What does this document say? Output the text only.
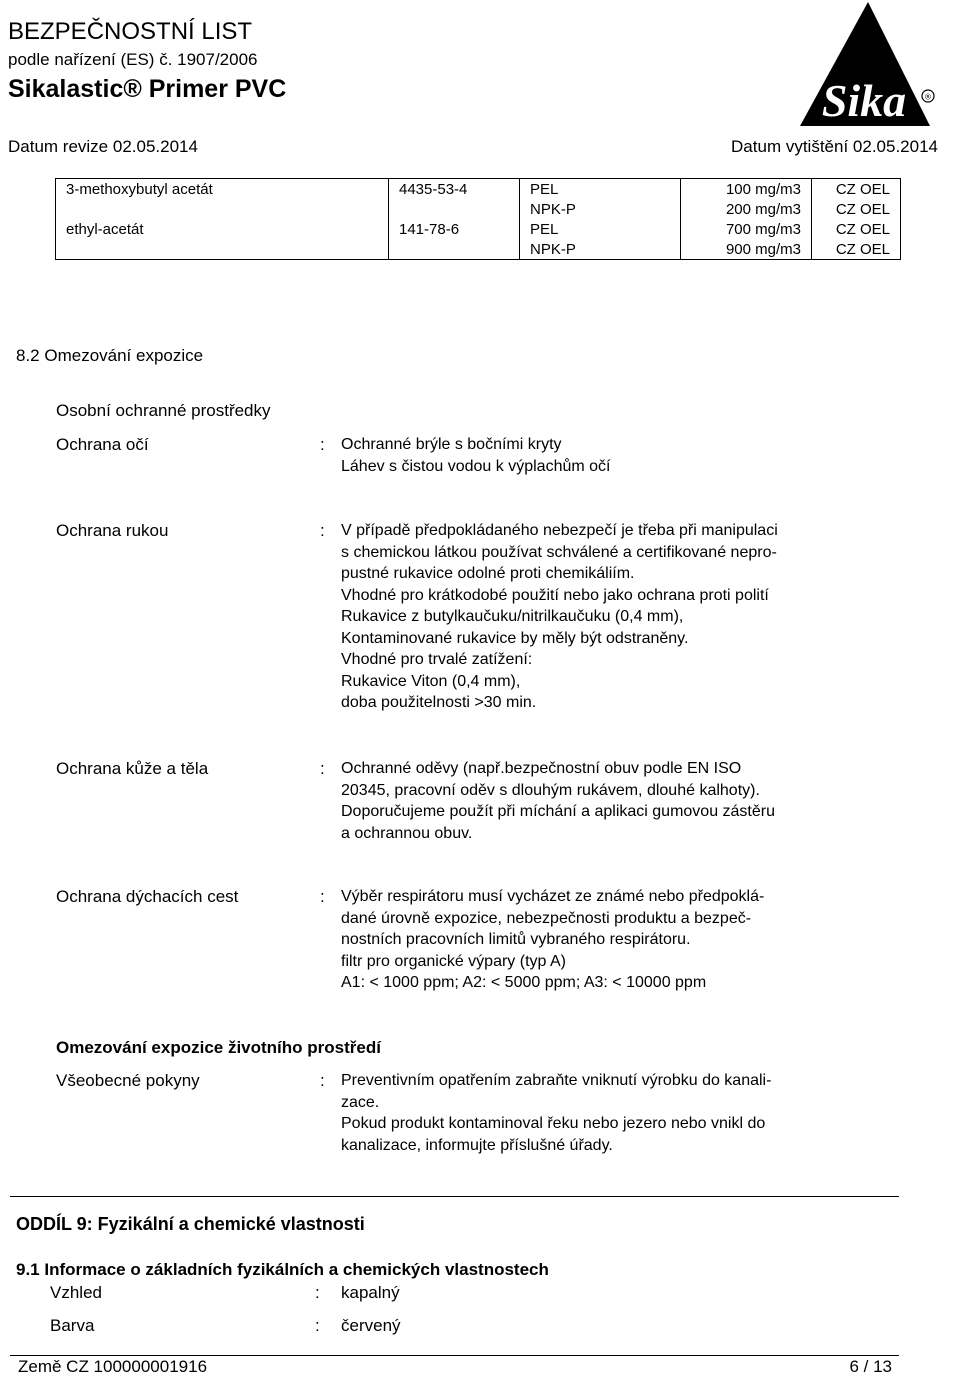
BEZPEČNOSTNÍ LIST
podle nařízení (ES) č. 1907/2006
Sikalastic® Primer PVC	Sika ®
Datum revize 02.05.2014	Datum vytištění 02.05.2014
3-methoxybutyl acetát	4435-53-4	PEL	100 mg/m3	CZ OEL
		NPK-P	200 mg/m3	CZ OEL
ethyl-acetát	141-78-6	PEL	700 mg/m3	CZ OEL
		NPK-P	900 mg/m3	CZ OEL
8.2 Omezování expozice
Osobní ochranné prostředky
Ochrana očí	: Ochranné brýle s bočními kryty
Láhev s čistou vodou k výplachům očí
Ochrana rukou	: V případě předpokládaného nebezpečí je třeba při manipulaci
s chemickou látkou používat schválené a certifikované nepro-
pustné rukavice odolné proti chemikáliím.
Vhodné pro krátkodobé použití nebo jako ochrana proti polití
Rukavice z butylkaučuku/nitrilkaučuku (0,4 mm),
Kontaminované rukavice by měly být odstraněny.
Vhodné pro trvalé zatížení:
Rukavice Viton (0,4 mm),
doba použitelnosti >30 min.
Ochrana kůže a těla	: Ochranné oděvy (např.bezpečnostní obuv podle EN ISO
20345, pracovní oděv s dlouhým rukávem, dlouhé kalhoty).
Doporučujeme použít při míchání a aplikaci gumovou zástěru
a ochrannou obuv.
Ochrana dýchacích cest	: Výběr respirátoru musí vycházet ze známé nebo předpoklá-
dané úrovně expozice, nebezpečnosti produktu a bezpeč-
nostních pracovních limitů vybraného respirátoru.
filtr pro organické výpary (typ A)
A1: < 1000 ppm; A2: < 5000 ppm; A3: < 10000 ppm
Omezování expozice životního prostředí
Všeobecné pokyny	: Preventivním opatřením zabraňte vniknutí výrobku do kanali-
zace.
Pokud produkt kontaminoval řeku nebo jezero nebo vnikl do
kanalizace, informujte příslušné úřady.
ODDÍL 9: Fyzikální a chemické vlastnosti
9.1 Informace o základních fyzikálních a chemických vlastnostech
Vzhled	: kapalný
Barva	: červený
Země CZ 100000001916	6 / 13
